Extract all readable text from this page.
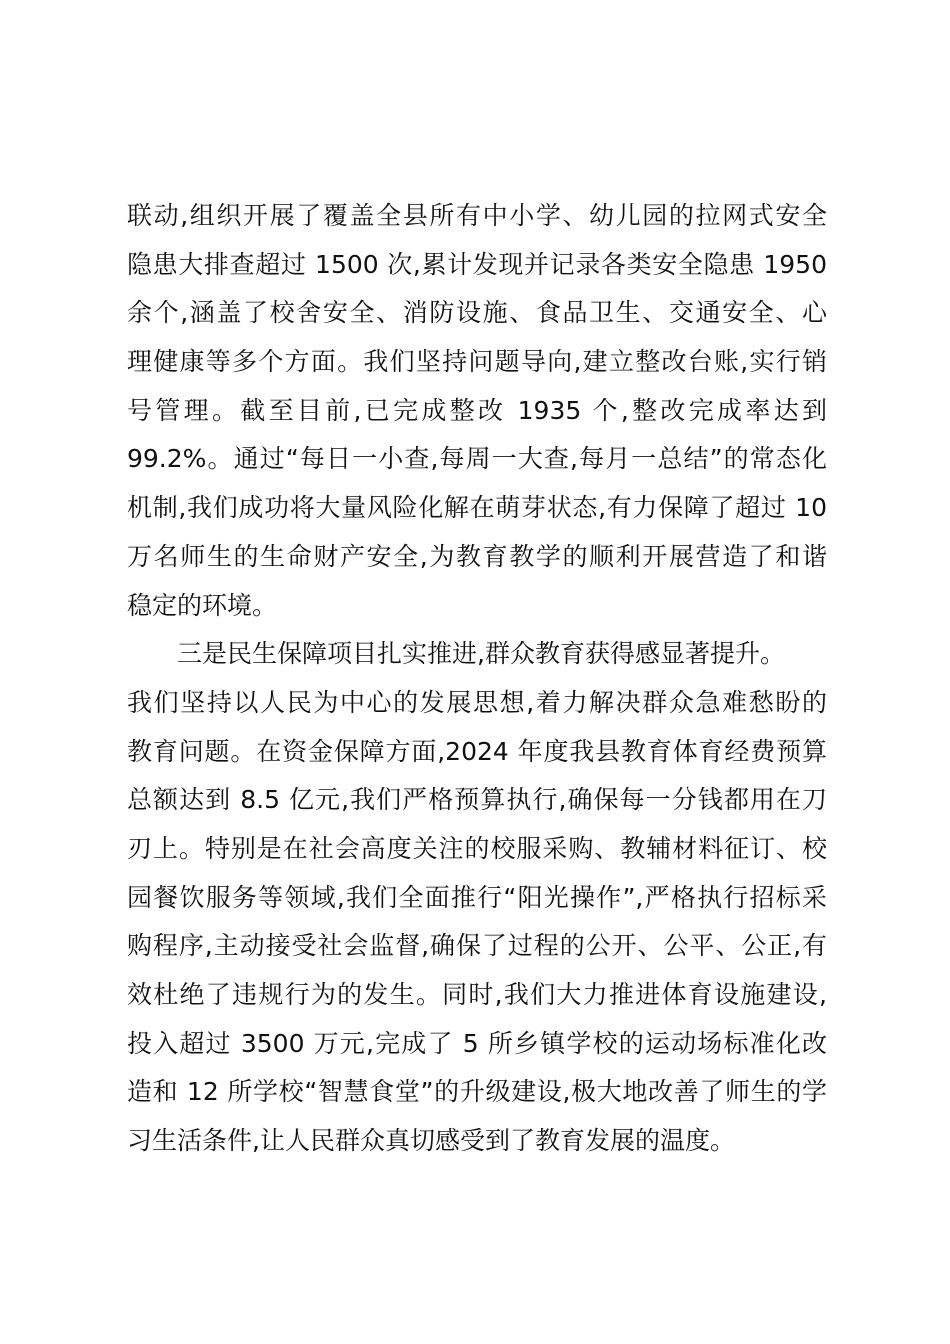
联动,组织开展了覆盖全县所有中小学、幼儿园的拉网式安全
隐患大排查超过 1500 次,累计发现并记录各类安全隐患 1950
余个,涵盖了校舍安全、消防设施、食品卫生、交通安全、心
理健康等多个方面。我们坚持问题导向,建立整改台账,实行销
号管理。截至目前,已完成整改 1935 个,整改完成率达到
99.2%。通过“每日一小查,每周一大查,每月一总结”的常态化
机制,我们成功将大量风险化解在萌芽状态,有力保障了超过 10
万名师生的生命财产安全,为教育教学的顺利开展营造了和谐
稳定的环境。
三是民生保障项目扎实推进,群众教育获得感显著提升。
我们坚持以人民为中心的发展思想,着力解决群众急难愁盼的
教育问题。在资金保障方面,2024 年度我县教育体育经费预算
总额达到 8.5 亿元,我们严格预算执行,确保每一分钱都用在刀
刃上。特别是在社会高度关注的校服采购、教辅材料征订、校
园餐饮服务等领域,我们全面推行“阳光操作”,严格执行招标采
购程序,主动接受社会监督,确保了过程的公开、公平、公正,有
效杜绝了违规行为的发生。同时,我们大力推进体育设施建设,
投入超过 3500 万元,完成了 5 所乡镇学校的运动场标准化改
造和 12 所学校“智慧食堂”的升级建设,极大地改善了师生的学
习生活条件,让人民群众真切感受到了教育发展的温度。
